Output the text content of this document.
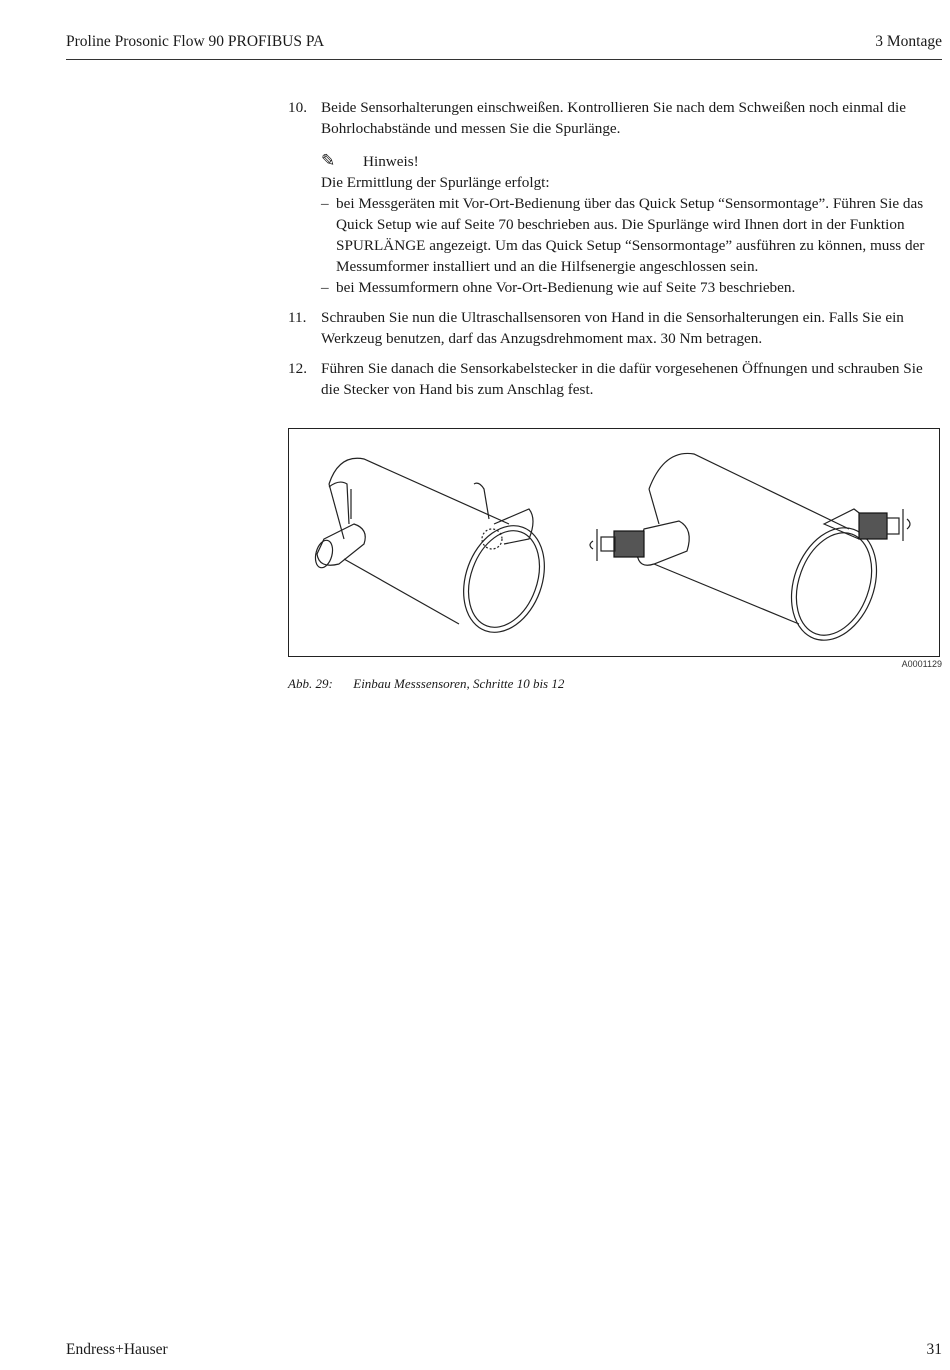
Proline Prosonic Flow 90 PROFIBUS PA	3 Montage
10. Beide Sensorhalterungen einschweißen. Kontrollieren Sie nach dem Schweißen noch einmal die Bohrlochabstände und messen Sie die Spurlänge.
✎	Hinweis!
Die Ermittlung der Spurlänge erfolgt:
– bei Messgeräten mit Vor-Ort-Bedienung über das Quick Setup “Sensormontage”. Führen Sie das Quick Setup wie auf Seite 70 beschrieben aus. Die Spurlänge wird Ihnen dort in der Funktion SPURLÄNGE angezeigt. Um das Quick Setup “Sensormontage” ausführen zu können, muss der Messumformer installiert und an die Hilfsenergie angeschlossen sein.
– bei Messumformern ohne Vor-Ort-Bedienung wie auf Seite 73 beschrieben.
11. Schrauben Sie nun die Ultraschallsensoren von Hand in die Sensorhalterungen ein. Falls Sie ein Werkzeug benutzen, darf das Anzugsdrehmoment max. 30 Nm betragen.
12. Führen Sie danach die Sensorkabelstecker in die dafür vorgesehenen Öffnungen und schrauben Sie die Stecker von Hand bis zum Anschlag fest.
A0001129
Abb. 29: Einbau Messsensoren, Schritte 10 bis 12
Endress+Hauser	31
